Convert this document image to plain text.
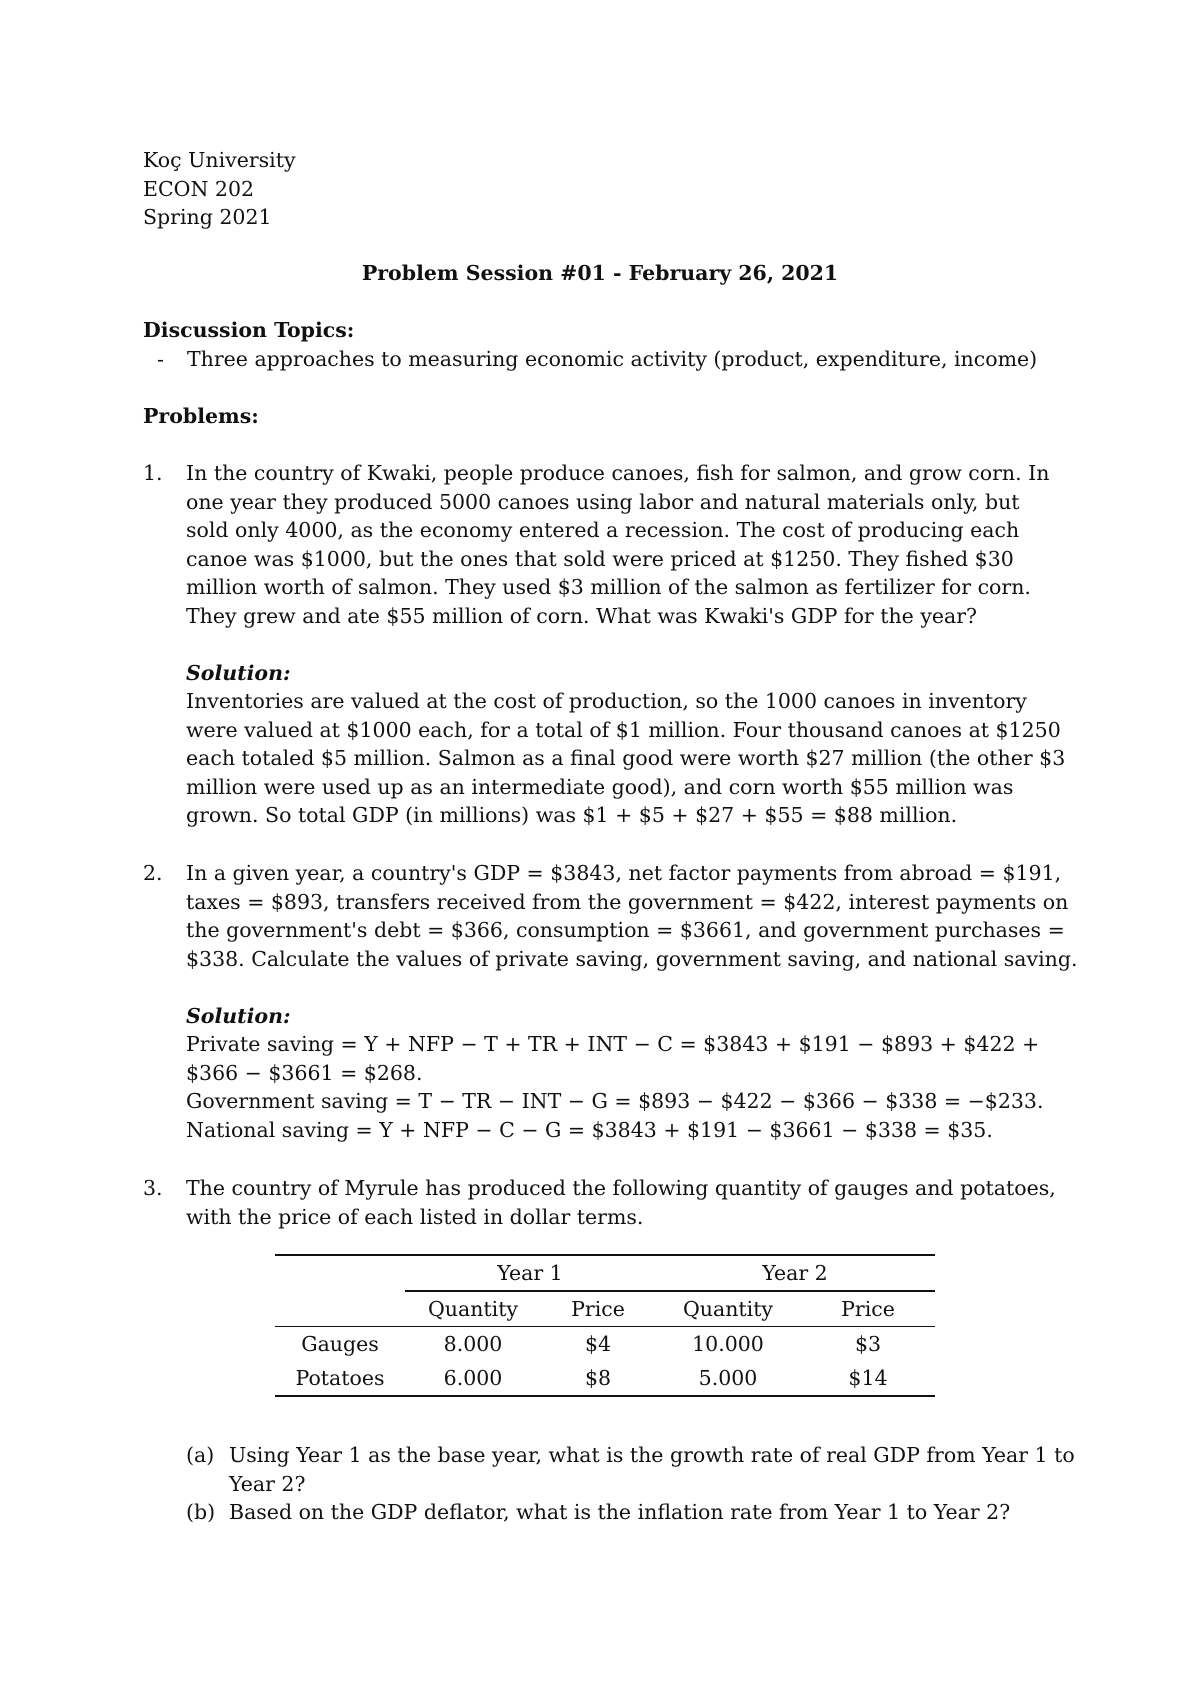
Koç University
ECON 202
Spring 2021
Problem Session #01 - February 26, 2021
Discussion Topics:
- Three approaches to measuring economic activity (product, expenditure, income)
Problems:
1. In the country of Kwaki, people produce canoes, fish for salmon, and grow corn. In
one year they produced 5000 canoes using labor and natural materials only, but
sold only 4000, as the economy entered a recession. The cost of producing each
canoe was $1000, but the ones that sold were priced at $1250. They fished $30
million worth of salmon. They used $3 million of the salmon as fertilizer for corn.
They grew and ate $55 million of corn. What was Kwaki's GDP for the year?
Solution:
Inventories are valued at the cost of production, so the 1000 canoes in inventory
were valued at $1000 each, for a total of $1 million. Four thousand canoes at $1250
each totaled $5 million. Salmon as a final good were worth $27 million (the other $3
million were used up as an intermediate good), and corn worth $55 million was
grown. So total GDP (in millions) was $1 + $5 + $27 + $55 = $88 million.
2. In a given year, a country's GDP = $3843, net factor payments from abroad = $191,
taxes = $893, transfers received from the government = $422, interest payments on
the government's debt = $366, consumption = $3661, and government purchases =
$338. Calculate the values of private saving, government saving, and national saving.
Solution:
Private saving = Y + NFP − T + TR + INT − C = $3843 + $191 − $893 + $422 +
$366 − $3661 = $268.
Government saving = T − TR − INT − G = $893 − $422 − $366 − $338 = −$233.
National saving = Y + NFP − C − G = $3843 + $191 − $3661 − $338 = $35.
3. The country of Myrule has produced the following quantity of gauges and potatoes,
with the price of each listed in dollar terms.
	Year 1		Year 2	
	Quantity	Price	Quantity	Price
Gauges	8.000	$4	10.000	$3
Potatoes	6.000	$8	5.000	$14
(a) Using Year 1 as the base year, what is the growth rate of real GDP from Year 1 to
Year 2?
(b) Based on the GDP deflator, what is the inflation rate from Year 1 to Year 2?
